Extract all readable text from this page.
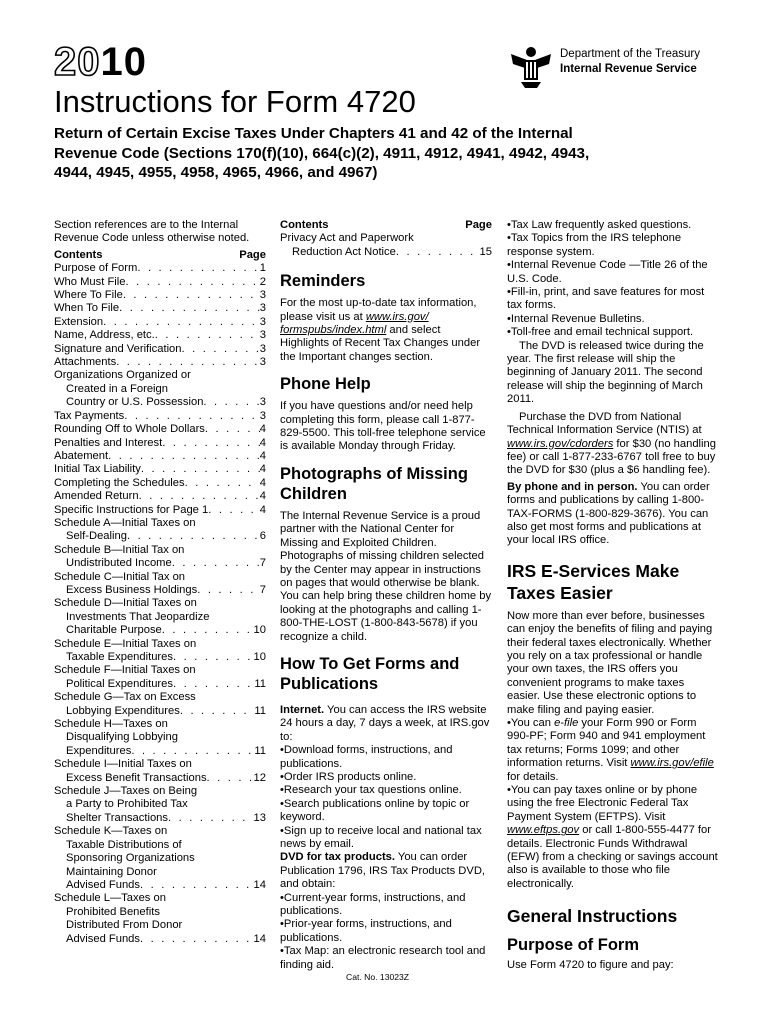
2010
Instructions for Form 4720
Return of Certain Excise Taxes Under Chapters 41 and 42 of the Internal Revenue Code (Sections 170(f)(10), 664(c)(2), 4911, 4912, 4941, 4942, 4943, 4944, 4945, 4955, 4958, 4965, 4966, and 4967)
Department of the Treasury
Internal Revenue Service

Section references are to the Internal Revenue Code unless otherwise noted.

Contents	Page
Purpose of Form . . .	1
Who Must File . . .	2
Where To File . . .	3
When To File . . .	3
Extension . . .	3
Name, Address, etc. . . .	3
Signature and Verification . . .	3
Attachments . . .	3
Organizations Organized or
Created in a Foreign
Country or U.S. Possession . . .	3
Tax Payments . . .	3
Rounding Off to Whole Dollars . . .	4
Penalties and Interest . . .	4
Abatement . . .	4
Initial Tax Liability . . .	4
Completing the Schedules . . .	4
Amended Return . . .	4
Specific Instructions for Page 1 . . .	4
Schedule A—Initial Taxes on
Self-Dealing . . .	6
Schedule B—Initial Tax on
Undistributed Income . . .	7
Schedule C—Initial Tax on
Excess Business Holdings . . .	7
Schedule D—Initial Taxes on
Investments That Jeopardize
Charitable Purpose . . .	10
Schedule E—Initial Taxes on
Taxable Expenditures . . .	10
Schedule F—Initial Taxes on
Political Expenditures . . .	11
Schedule G—Tax on Excess
Lobbying Expenditures . . .	11
Schedule H—Taxes on
Disqualifying Lobbying
Expenditures . . .	11
Schedule I—Initial Taxes on
Excess Benefit Transactions . . .	12
Schedule J—Taxes on Being
a Party to Prohibited Tax
Shelter Transactions . . .	13
Schedule K—Taxes on
Taxable Distributions of
Sponsoring Organizations
Maintaining Donor
Advised Funds . . .	14
Schedule L—Taxes on
Prohibited Benefits
Distributed From Donor
Advised Funds . . .	14
Contents	Page
Privacy Act and Paperwork
Reduction Act Notice . . .	15
Reminders

For the most up-to-date tax information, please visit us at www.irs.gov/ formspubs/index.html and select Highlights of Recent Tax Changes under the Important changes section.

Phone Help

If you have questions and/or need help completing this form, please call 1-877-829-5500. This toll-free telephone service is available Monday through Friday.

Photographs of Missing Children

The Internal Revenue Service is a proud partner with the National Center for Missing and Exploited Children. Photographs of missing children selected by the Center may appear in instructions on pages that would otherwise be blank. You can help bring these children home by looking at the photographs and calling 1-800-THE-LOST (1-800-843-5678) if you recognize a child.

How To Get Forms and Publications

Internet. You can access the IRS website 24 hours a day, 7 days a week, at IRS.gov to:

• Download forms, instructions, and publications.

• Order IRS products online.

• Research your tax questions online.

• Search publications online by topic or keyword.

• Sign up to receive local and national tax news by email.

DVD for tax products. You can order Publication 1796, IRS Tax Products DVD, and obtain:

• Current-year forms, instructions, and publications.

• Prior-year forms, instructions, and publications.

• Tax Map: an electronic research tool and finding aid.

• Tax Law frequently asked questions.

• Tax Topics from the IRS telephone response system.

• Internal Revenue Code —Title 26 of the U.S. Code.

• Fill-in, print, and save features for most tax forms.

• Internal Revenue Bulletins.

• Toll-free and email technical support.

The DVD is released twice during the year. The first release will ship the beginning of January 2011. The second release will ship the beginning of March 2011.

Purchase the DVD from National Technical Information Service (NTIS) at www.irs.gov/cdorders for $30 (no handling fee) or call 1-877-233-6767 toll free to buy the DVD for $30 (plus a $6 handling fee).

By phone and in person. You can order forms and publications by calling 1-800-TAX-FORMS (1-800-829-3676). You can also get most forms and publications at your local IRS office.

IRS E-Services Make Taxes Easier

Now more than ever before, businesses can enjoy the benefits of filing and paying their federal taxes electronically. Whether you rely on a tax professional or handle your own taxes, the IRS offers you convenient programs to make taxes easier. Use these electronic options to make filing and paying easier.

• You can e-file your Form 990 or Form 990-PF; Form 940 and 941 employment tax returns; Forms 1099; and other information returns. Visit www.irs.gov/efile for details.

• You can pay taxes online or by phone using the free Electronic Federal Tax Payment System (EFTPS). Visit www.eftps.gov or call 1-800-555-4477 for details. Electronic Funds Withdrawal (EFW) from a checking or savings account also is available to those who file electronically.

General Instructions
Purpose of Form

Use Form 4720 to figure and pay:

Cat. No. 13023Z
